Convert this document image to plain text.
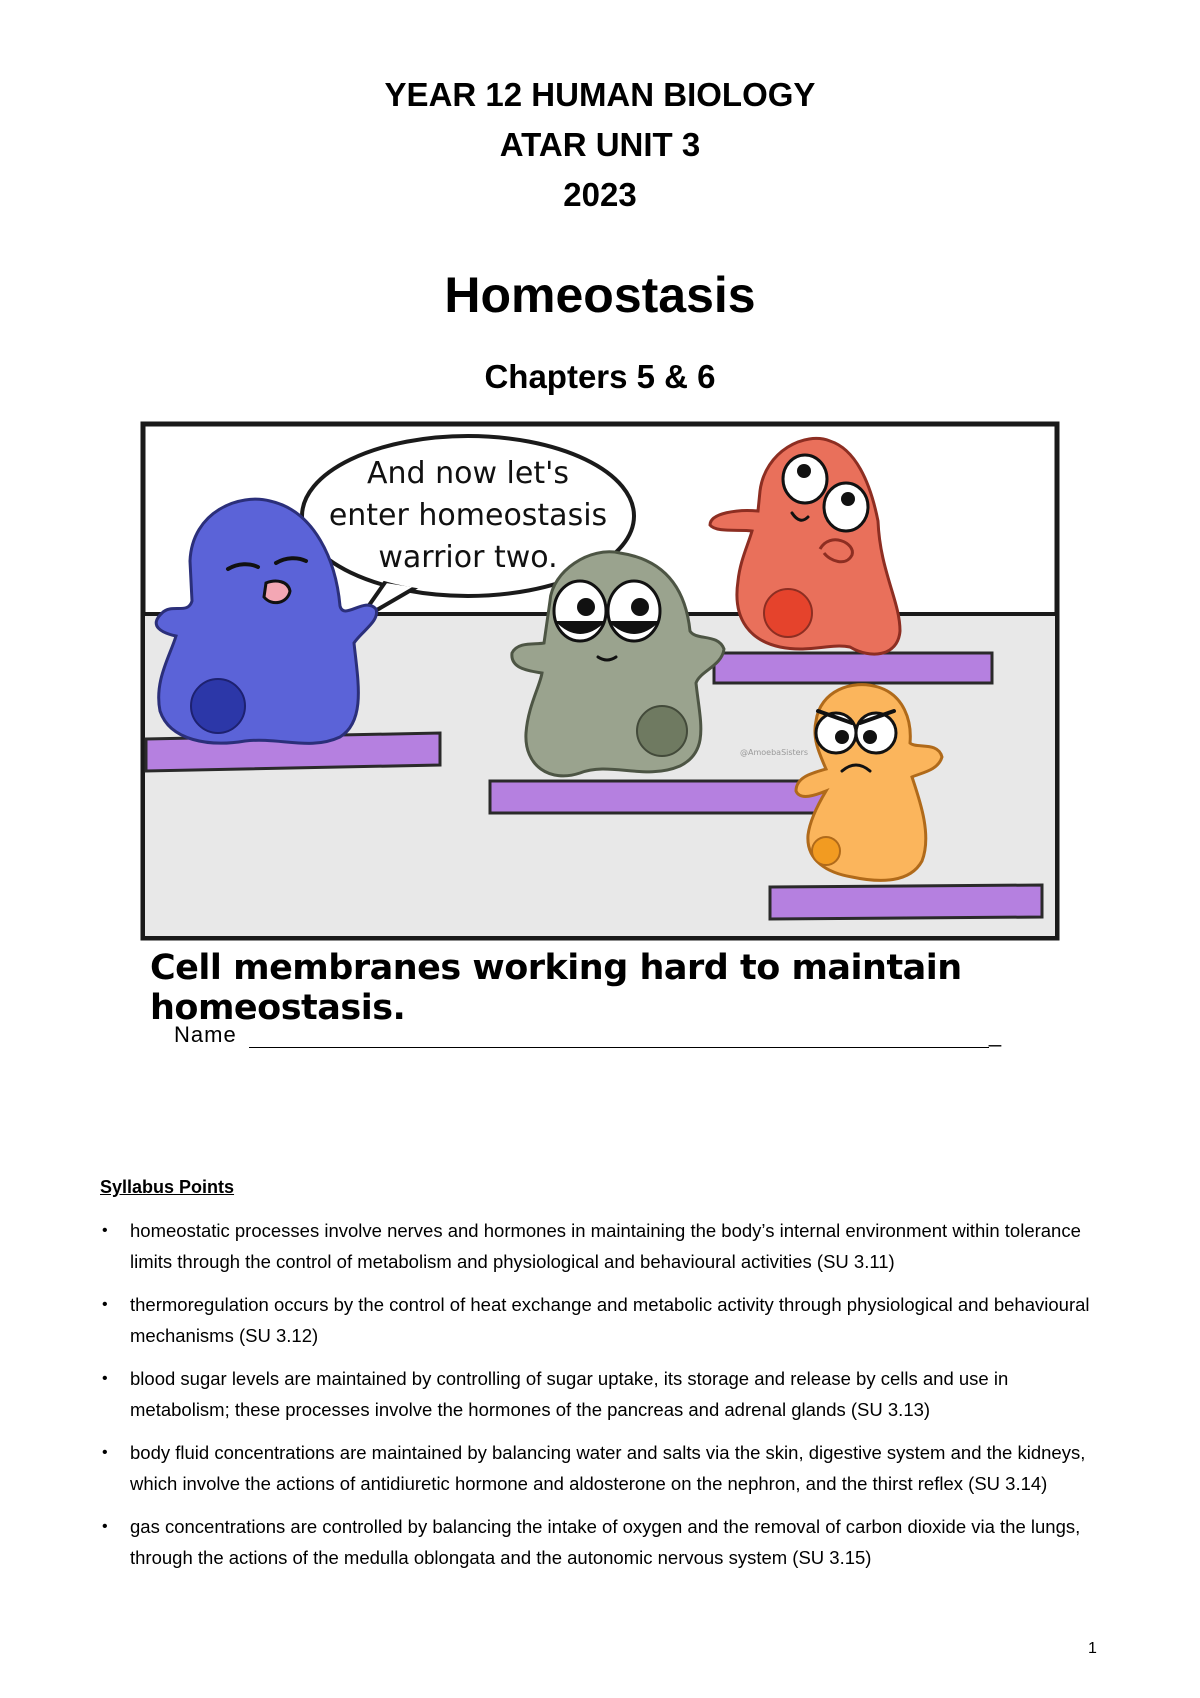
YEAR 12 HUMAN BIOLOGY
ATAR UNIT 3
2023
Homeostasis
Chapters 5 & 6
And now let's
enter homeostasis
warrior two.
@AmoebaSisters
Cell membranes working hard to maintain homeostasis.
Name	_
Syllabus Points
• homeostatic processes involve nerves and hormones in maintaining the body’s internal environment within tolerance limits through the control of metabolism and physiological and behavioural activities (SU 3.11)
• thermoregulation occurs by the control of heat exchange and metabolic activity through physiological and behavioural mechanisms (SU 3.12)
• blood sugar levels are maintained by controlling of sugar uptake, its storage and release by cells and use in metabolism; these processes involve the hormones of the pancreas and adrenal glands (SU 3.13)
• body fluid concentrations are maintained by balancing water and salts via the skin, digestive system and the kidneys, which involve the actions of antidiuretic hormone and aldosterone on the nephron, and the thirst reflex (SU 3.14)
• gas concentrations are controlled by balancing the intake of oxygen and the removal of carbon dioxide via the lungs, through the actions of the medulla oblongata and the autonomic nervous system (SU 3.15)
1
